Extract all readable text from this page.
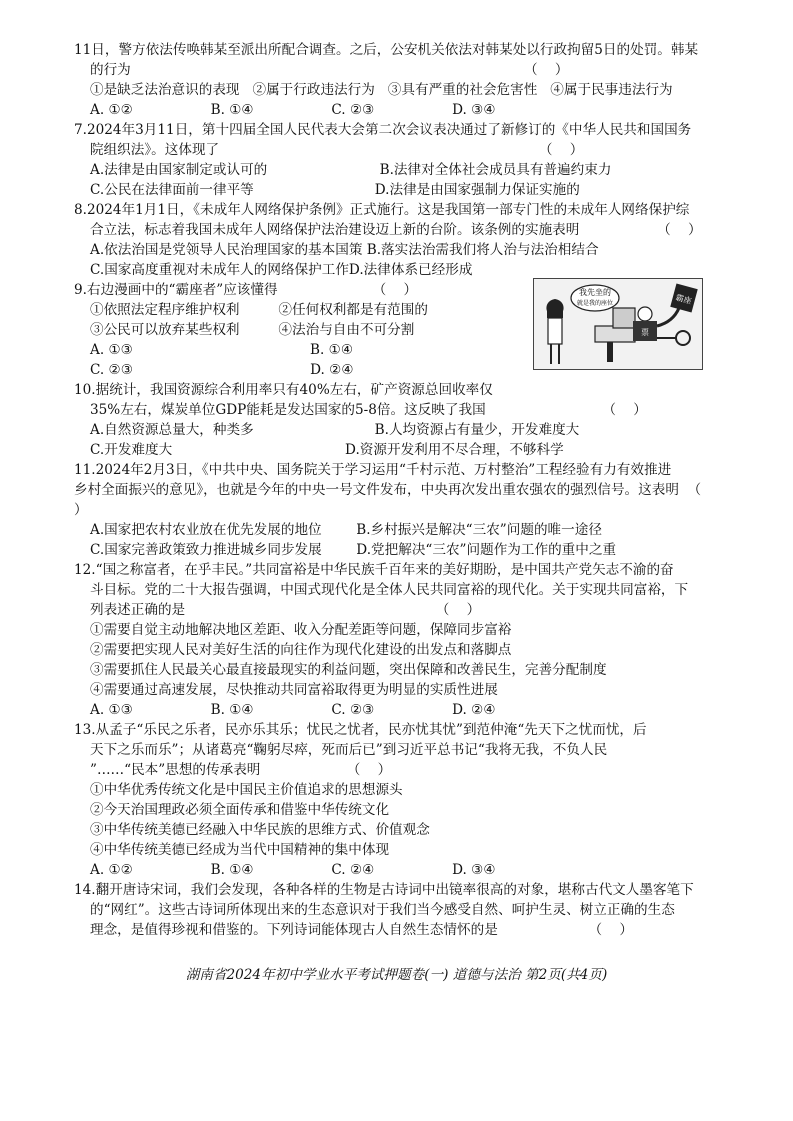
11日，警方依法传唤韩某至派出所配合调查。之后，公安机关依法对韩某处以行政拘留5日的处罚。韩某
的行为                                                                                           （    ）
①是缺乏法治意识的表现   ②属于行政违法行为   ③具有严重的社会危害性   ④属于民事违法行为
A. ①②                  B. ①④                  C. ②③                  D. ③④
7.2024年3月11日，第十四届全国人民代表大会第二次会议表决通过了新修订的《中华人民共和国国务
院组织法》。这体现了                                                                          （    ）
A.法律是由国家制定或认可的                          B.法律对全体社会成员具有普遍约束力
C.公民在法律面前一律平等                            D.法律是由国家强制力保证实施的
8.2024年1月1日，《未成年人网络保护条例》正式施行。这是我国第一部专门性的未成年人网络保护综
合立法，标志着我国未成年人网络保护法治建设迈上新的台阶。该条例的实施表明                  （    ）
A.依法治国是党领导人民治理国家的基本国策 B.落实法治需我们将人治与法治相结合
C.国家高度重视对未成年人的网络保护工作D.法律体系已经形成
9.右边漫画中的“霸座者”应该懂得                      （    ）
①依照法定程序维护权利         ②任何权利都是有范围的
③公民可以放弃某些权利         ④法治与自由不可分割
A. ①③                                         B. ①④
C. ②③                                         D. ②④
10.据统计，我国资源综合利用率只有40%左右，矿产资源总回收率仅
35%左右，煤炭单位GDP能耗是发达国家的5-8倍。这反映了我国                           （    ）
A.自然资源总量大，种类多                            B.人均资源占有量少，开发难度大
C.开发难度大                                        D.资源开发利用不尽合理，不够科学
11.2024年2月3日，《中共中央、国务院关于学习运用“千村示范、万村整治”工程经验有力有效推进
乡村全面振兴的意见》，也就是今年的中央一号文件发布，中央再次发出重农强农的强烈信号。这表明  （
）
A.国家把农村农业放在优先发展的地位        B.乡村振兴是解决“三农”问题的唯一途径
C.国家完善政策致力推进城乡同步发展        D.党把解决“三农”问题作为工作的重中之重
12.“国之称富者，在乎丰民。”共同富裕是中华民族千百年来的美好期盼，是中国共产党矢志不渝的奋
斗目标。党的二十大报告强调，中国式现代化是全体人民共同富裕的现代化。关于实现共同富裕，下
列表述正确的是                                                          （    ）
①需要自觉主动地解决地区差距、收入分配差距等问题，保障同步富裕
②需要把实现人民对美好生活的向往作为现代化建设的出发点和落脚点
③需要抓住人民最关心最直接最现实的利益问题，突出保障和改善民生，完善分配制度
④需要通过高速发展，尽快推动共同富裕取得更为明显的实质性进展
A. ①③                  B. ①④                  C. ②③                  D. ②④
13.从孟子“乐民之乐者，民亦乐其乐；忧民之忧者，民亦忧其忧”到范仲淹“先天下之忧而忧，后
天下之乐而乐”；从诸葛亮“鞠躬尽瘁，死而后已”到习近平总书记“我将无我，不负人民
”……“民本”思想的传承表明                    （    ）
①中华优秀传统文化是中国民主价值追求的思想源头
②今天治国理政必须全面传承和借鉴中华传统文化
③中华传统美德已经融入中华民族的思维方式、价值观念
④中华传统美德已经成为当代中国精神的集中体现
A. ①②                  B. ①④                  C. ②④                  D. ③④
14.翻开唐诗宋词，我们会发现，各种各样的生物是古诗词中出镜率很高的对象，堪称古代文人墨客笔下
的“网红”。这些古诗词所体现出来的生态意识对于我们当今感受自然、呵护生灵、树立正确的生态
理念，是值得珍视和借鉴的。下列诗词能体现古人自然生态情怀的是                     （    ）
我先坐的
就是我的座位
票
霸座
湖南省2024年初中学业水平考试押题卷(一) 道德与法治 第2页(共4页)
